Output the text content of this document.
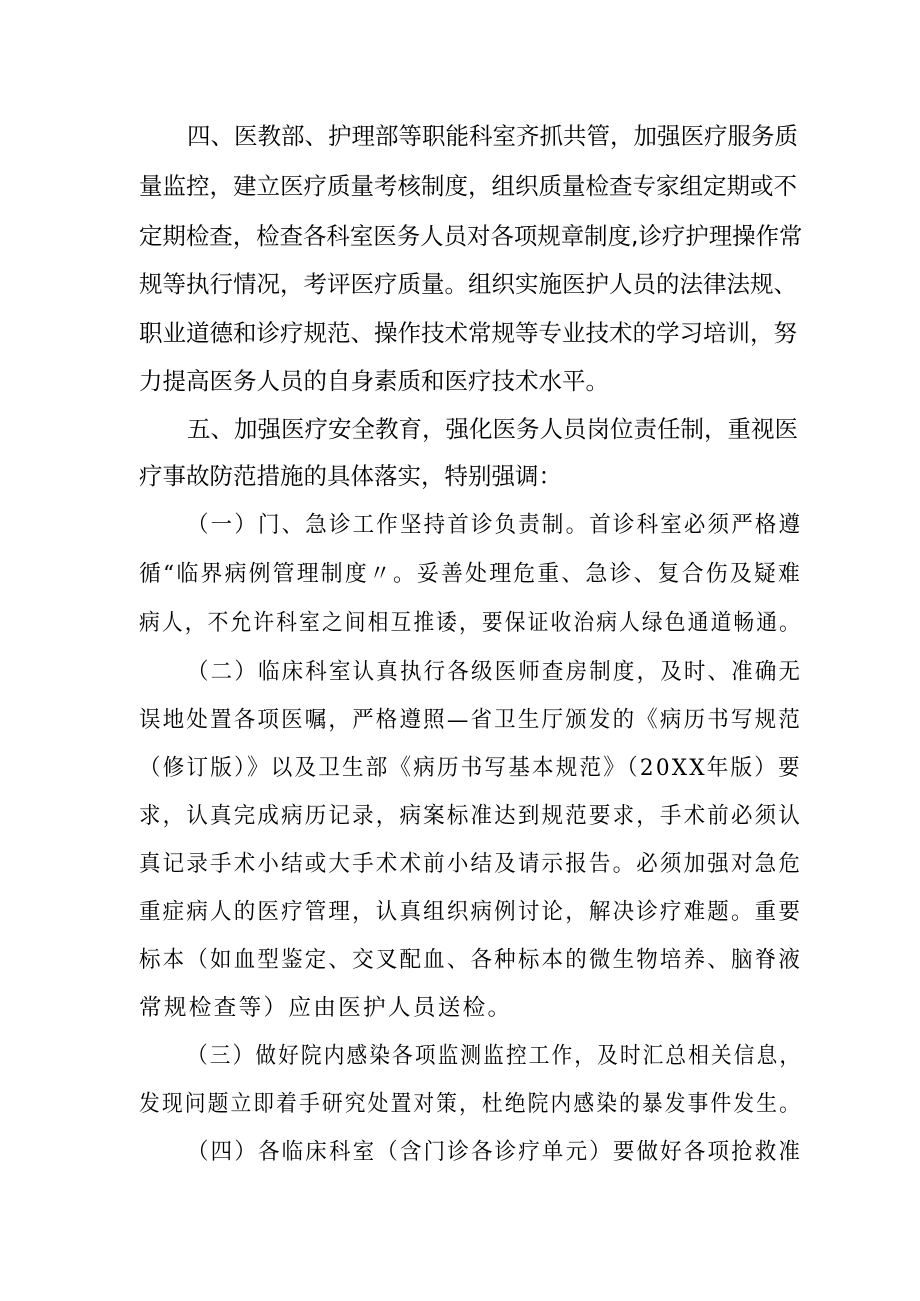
四、医教部、护理部等职能科室齐抓共管，加强医疗服务质

量监控，建立医疗质量考核制度，组织质量检查专家组定期或不

定期检查，检查各科室医务人员对各项规章制度,诊疗护理操作常

规等执行情况，考评医疗质量。组织实施医护人员的法律法规、

职业道德和诊疗规范、操作技术常规等专业技术的学习培训，努

力提高医务人员的自身素质和医疗技术水平。

五、加强医疗安全教育，强化医务人员岗位责任制，重视医

疗事故防范措施的具体落实，特别强调：

（一）门、急诊工作坚持首诊负责制。首诊科室必须严格遵

循“临界病例管理制度〃。妥善处理危重、急诊、复合伤及疑难

病人，不允许科室之间相互推诿，要保证收治病人绿色通道畅通。

（二）临床科室认真执行各级医师查房制度，及时、准确无

误地处置各项医嘱，严格遵照—省卫生厅颁发的《病历书写规范

（修订版）》以及卫生部《病历书写基本规范》（20XX年版）要

求，认真完成病历记录，病案标准达到规范要求，手术前必须认

真记录手术小结或大手术术前小结及请示报告。必须加强对急危

重症病人的医疗管理，认真组织病例讨论，解决诊疗难题。重要

标本（如血型鉴定、交叉配血、各种标本的微生物培养、脑脊液

常规检查等）应由医护人员送检。

（三）做好院内感染各项监测监控工作，及时汇总相关信息，

发现问题立即着手研究处置对策，杜绝院内感染的暴发事件发生。

（四）各临床科室（含门诊各诊疗单元）要做好各项抢救准
